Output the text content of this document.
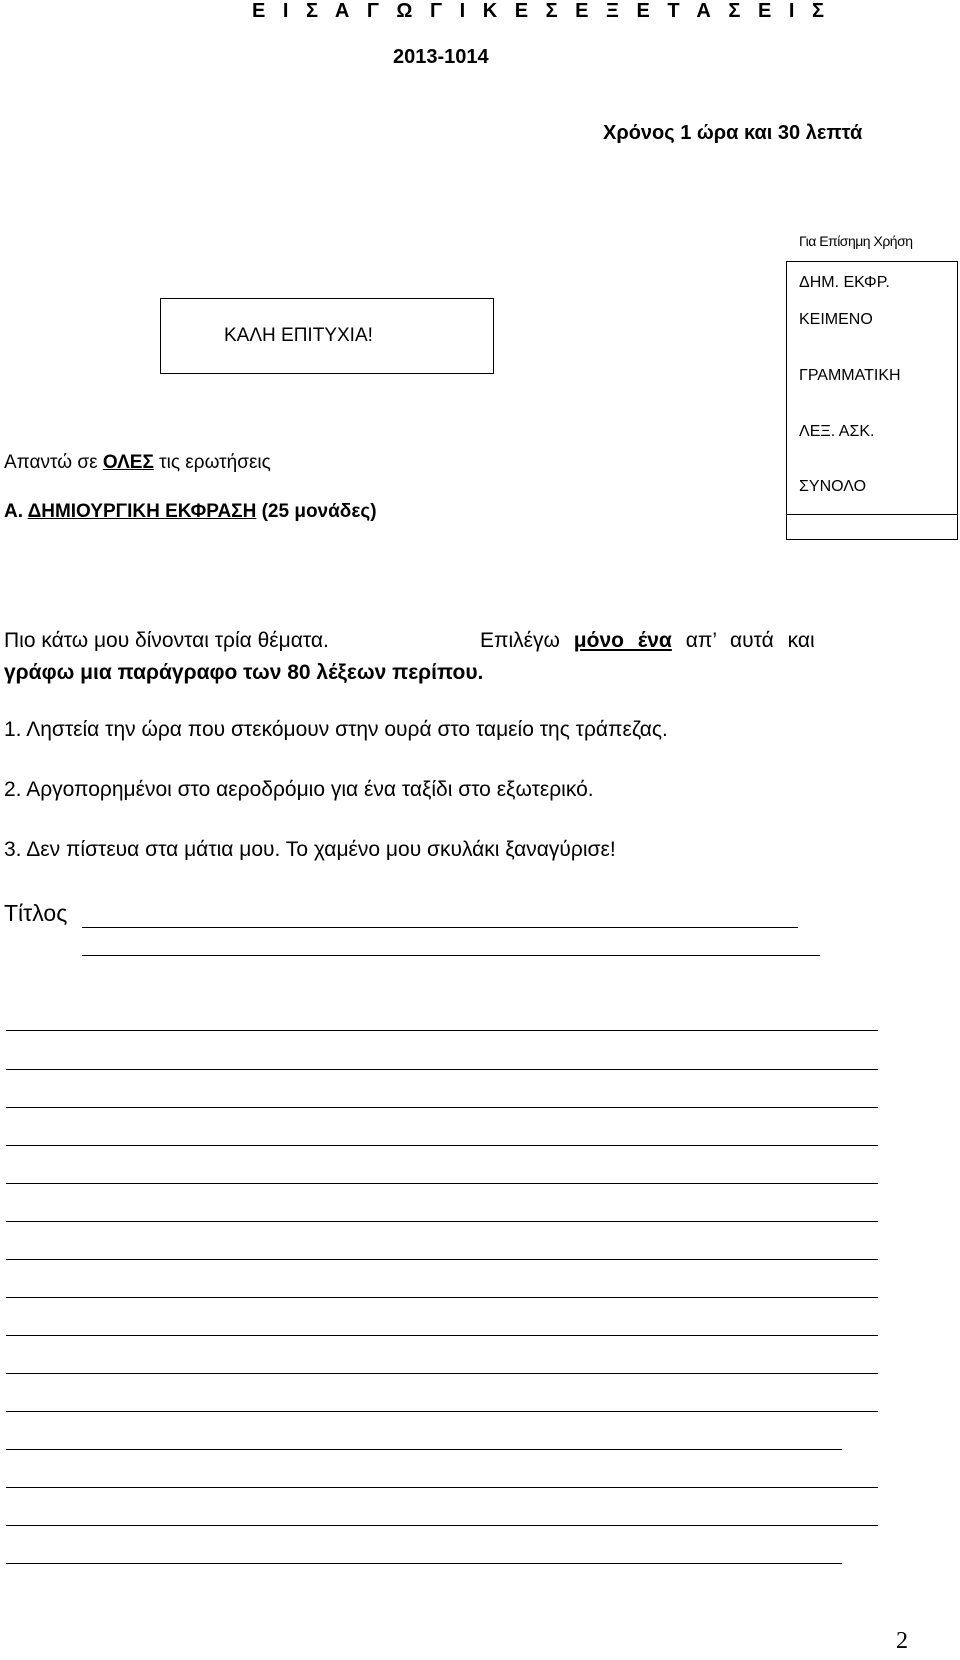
Ε Ι Σ Α Γ Ω Γ Ι Κ Ε Σ Ε Ξ Ε Τ Α Σ Ε Ι Σ
2013-1014
Χρόνος 1 ώρα και 30 λεπτά
ΚΑΛΗ ΕΠΙΤΥΧΙΑ!
Για Επίσημη Χρήση
ΔΗΜ. ΕΚΦΡ.
ΚΕΙΜΕΝΟ
ΓΡΑΜΜΑΤΙΚΗ
ΛΕΞ. ΑΣΚ.
ΣΥΝΟΛΟ

Απαντώ σε ΟΛΕΣ τις ερωτήσεις
Α. ΔΗΜΙΟΥΡΓΙΚΗ ΕΚΦΡΑΣΗ (25 μονάδες)
Πιο κάτω μου δίνονται τρία θέματα.	Επιλέγω μόνο ένα απ’ αυτά και
γράφω μια παράγραφο των 80 λέξεων περίπου.
1. Ληστεία την ώρα που στεκόμουν στην ουρά στο ταμείο της τράπεζας.
2. Αργοπορημένοι στο αεροδρόμιο για ένα ταξίδι στο εξωτερικό.
3. Δεν πίστευα στα μάτια μου. Το χαμένο μου σκυλάκι ξαναγύρισε!
Τίτλος
2
